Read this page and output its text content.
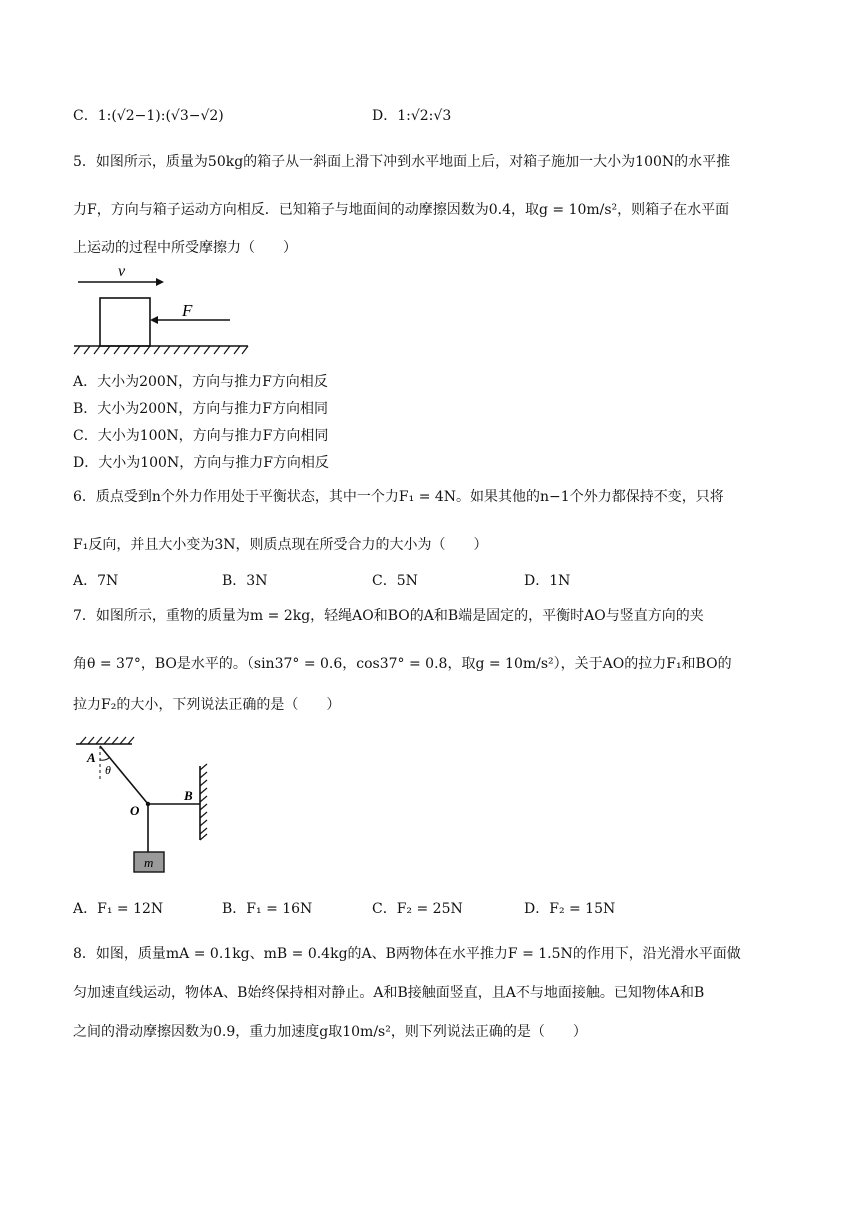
C．1:(√2−1):(√3−√2)	D．1:√2:√3
5．如图所示，质量为50kg的箱子从一斜面上滑下冲到水平地面上后，对箱子施加一大小为100N的水平推
力F，方向与箱子运动方向相反．已知箱子与地面间的动摩擦因数为0.4，取g = 10m/s²，则箱子在水平面
上运动的过程中所受摩擦力（　　）
v
F
A．大小为200N，方向与推力F方向相反
B．大小为200N，方向与推力F方向相同
C．大小为100N，方向与推力F方向相同
D．大小为100N，方向与推力F方向相反
6．质点受到n个外力作用处于平衡状态，其中一个力F₁ = 4N。如果其他的n−1个外力都保持不变，只将
F₁反向，并且大小变为3N，则质点现在所受合力的大小为（　　）
A．7N	B．3N	C．5N	D．1N
7．如图所示，重物的质量为m = 2kg，轻绳AO和BO的A和B端是固定的，平衡时AO与竖直方向的夹
角θ = 37°，BO是水平的。（sin37° = 0.6，cos37° = 0.8，取g = 10m/s²），关于AO的拉力F₁和BO的
拉力F₂的大小，下列说法正确的是（　　）
A
θ
O
B
m
A．F₁ = 12N	B．F₁ = 16N	C．F₂ = 25N	D．F₂ = 15N
8．如图，质量mA = 0.1kg、mB = 0.4kg的A、B两物体在水平推力F = 1.5N的作用下，沿光滑水平面做
匀加速直线运动，物体A、B始终保持相对静止。A和B接触面竖直，且A不与地面接触。已知物体A和B
之间的滑动摩擦因数为0.9，重力加速度g取10m/s²，则下列说法正确的是（　　）
